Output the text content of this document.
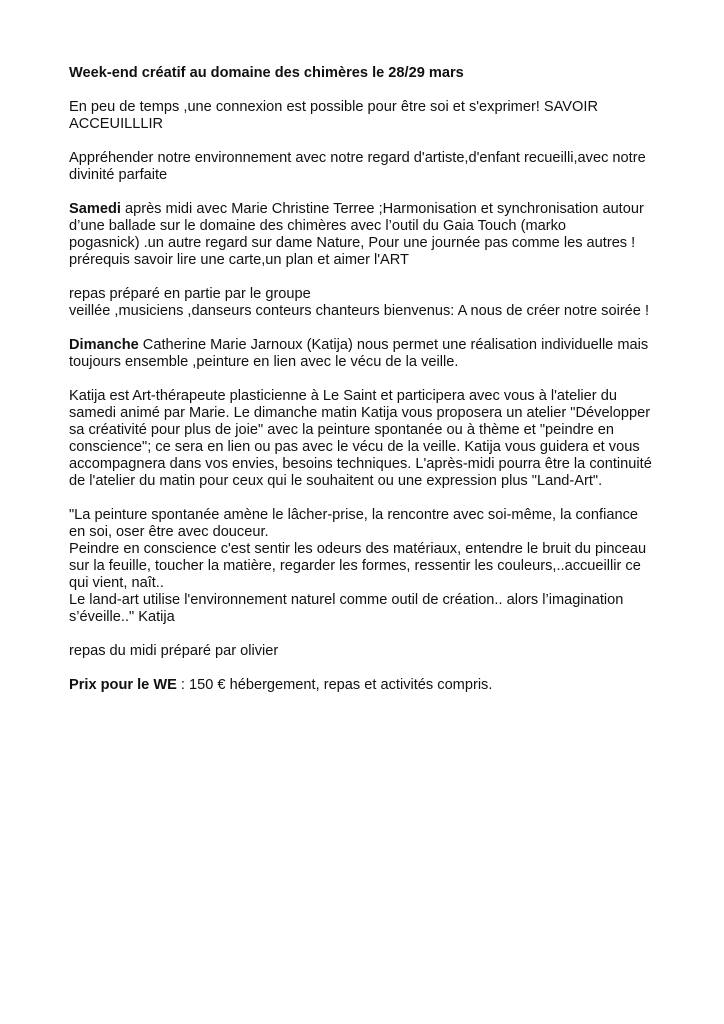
Week-end créatif au domaine des chimères le 28/29 mars

En peu de temps ,une connexion est possible pour être soi et s'exprimer! SAVOIR
ACCEUILLLIR

Appréhender notre environnement avec notre regard d'artiste,d'enfant recueilli,avec notre
divinité parfaite

Samedi après midi avec Marie Christine Terree ;Harmonisation et synchronisation autour
d’une ballade sur le domaine des chimères avec l’outil du Gaia Touch (marko
pogasnick) .un autre regard sur dame Nature, Pour une journée pas comme les autres !
prérequis savoir lire une carte,un plan et aimer l'ART

repas préparé en partie par le groupe
veillée ,musiciens ,danseurs conteurs chanteurs bienvenus: A nous de créer notre soirée !

Dimanche Catherine Marie Jarnoux (Katija) nous permet une réalisation individuelle mais
toujours ensemble ,peinture en lien avec le vécu de la veille.

Katija est Art-thérapeute plasticienne à Le Saint et participera avec vous à l'atelier du
samedi animé par Marie. Le dimanche matin Katija vous proposera un atelier "Développer
sa créativité pour plus de joie" avec la peinture spontanée ou à thème et "peindre en
conscience"; ce sera en lien ou pas avec le vécu de la veille. Katija vous guidera et vous
accompagnera dans vos envies, besoins techniques. L'après-midi pourra être la continuité
de l'atelier du matin pour ceux qui le souhaitent ou une expression plus "Land-Art".

"La peinture spontanée amène le lâcher-prise, la rencontre avec soi-même, la confiance
en soi, oser être avec douceur.
Peindre en conscience c'est sentir les odeurs des matériaux, entendre le bruit du pinceau
sur la feuille, toucher la matière, regarder les formes, ressentir les couleurs,..accueillir ce
qui vient, naît..
Le land-art utilise l'environnement naturel comme outil de création.. alors l’imagination
s’éveille.." Katija

repas du midi préparé par olivier

Prix pour le WE : 150 € hébergement, repas et activités compris.
